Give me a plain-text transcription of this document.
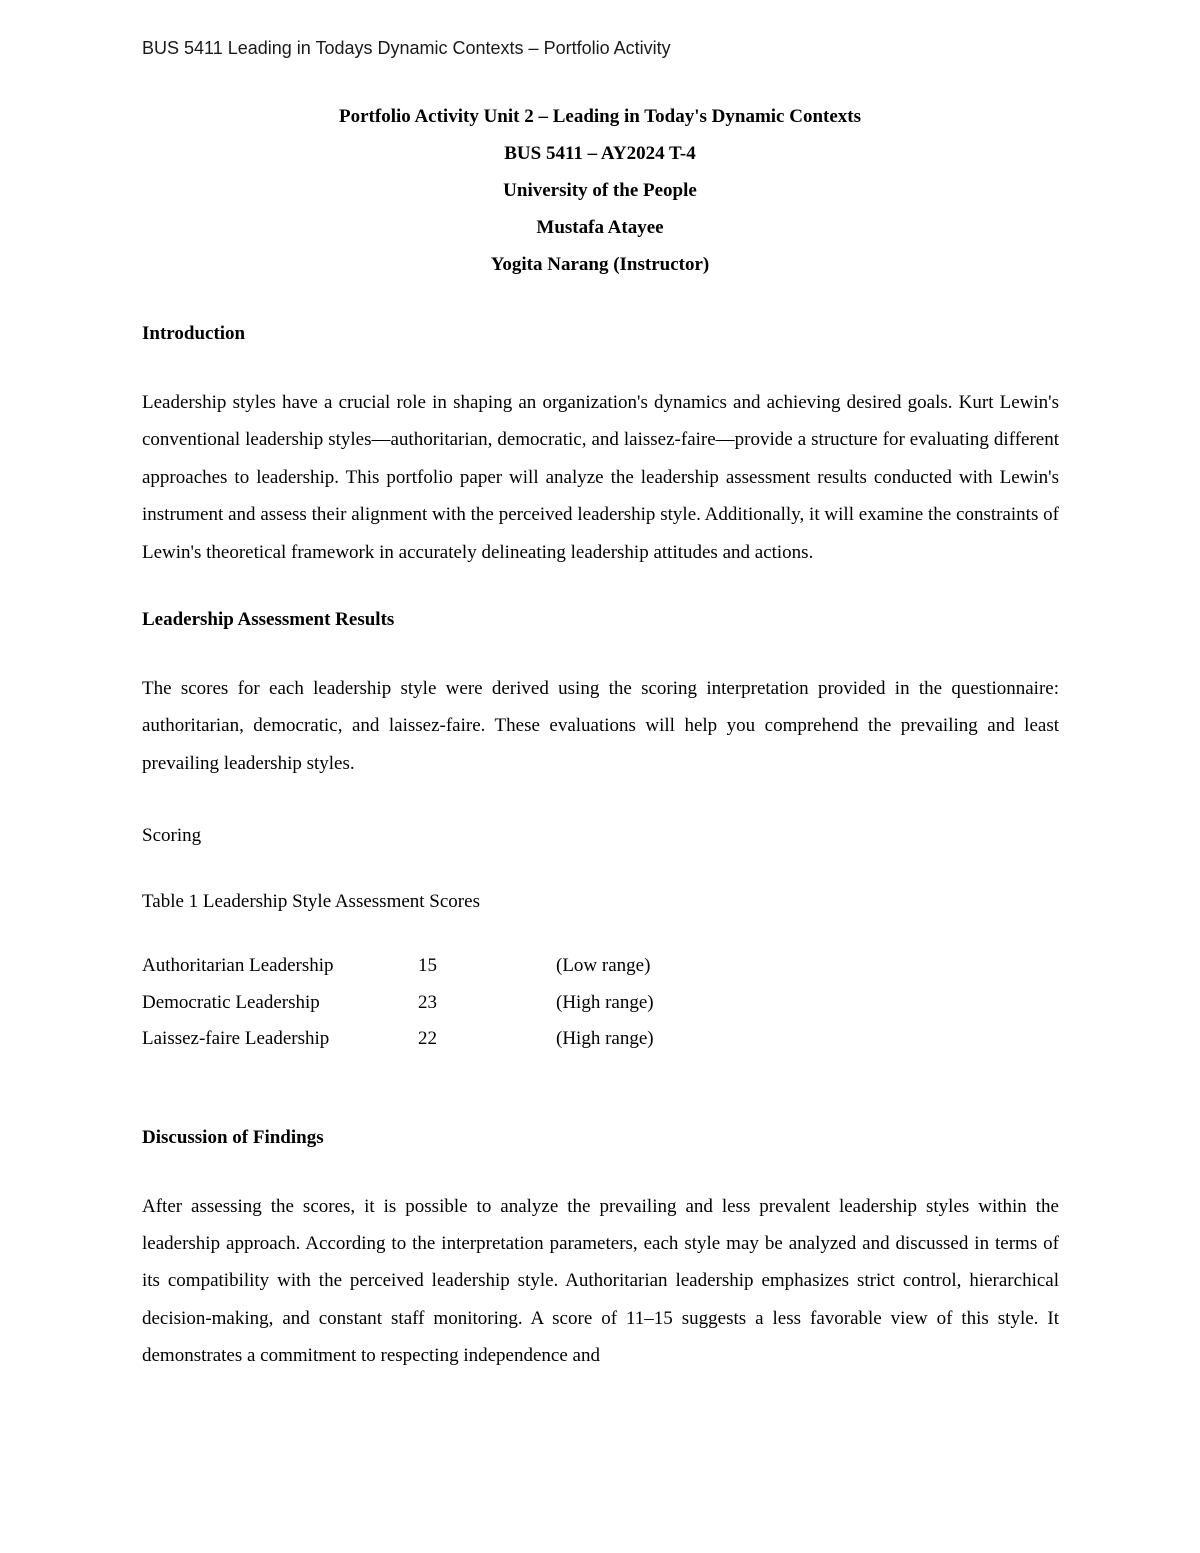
BUS 5411 Leading in Todays Dynamic Contexts – Portfolio Activity
Portfolio Activity Unit 2 – Leading in Today's Dynamic Contexts
BUS 5411 – AY2024 T-4
University of the People
Mustafa Atayee
Yogita Narang (Instructor)
Introduction

Leadership styles have a crucial role in shaping an organization's dynamics and achieving desired goals. Kurt Lewin's conventional leadership styles—authoritarian, democratic, and laissez-faire—provide a structure for evaluating different approaches to leadership. This portfolio paper will analyze the leadership assessment results conducted with Lewin's instrument and assess their alignment with the perceived leadership style. Additionally, it will examine the constraints of Lewin's theoretical framework in accurately delineating leadership attitudes and actions.

Leadership Assessment Results

The scores for each leadership style were derived using the scoring interpretation provided in the questionnaire: authoritarian, democratic, and laissez-faire. These evaluations will help you comprehend the prevailing and least prevailing leadership styles.

Scoring

Table 1 Leadership Style Assessment Scores

Authoritarian Leadership	15	(Low range)
Democratic Leadership	23	(High range)
Laissez-faire Leadership	22	(High range)
Discussion of Findings

After assessing the scores, it is possible to analyze the prevailing and less prevalent leadership styles within the leadership approach. According to the interpretation parameters, each style may be analyzed and discussed in terms of its compatibility with the perceived leadership style. Authoritarian leadership emphasizes strict control, hierarchical decision-making, and constant staff monitoring. A score of 11–15 suggests a less favorable view of this style. It demonstrates a commitment to respecting independence and
